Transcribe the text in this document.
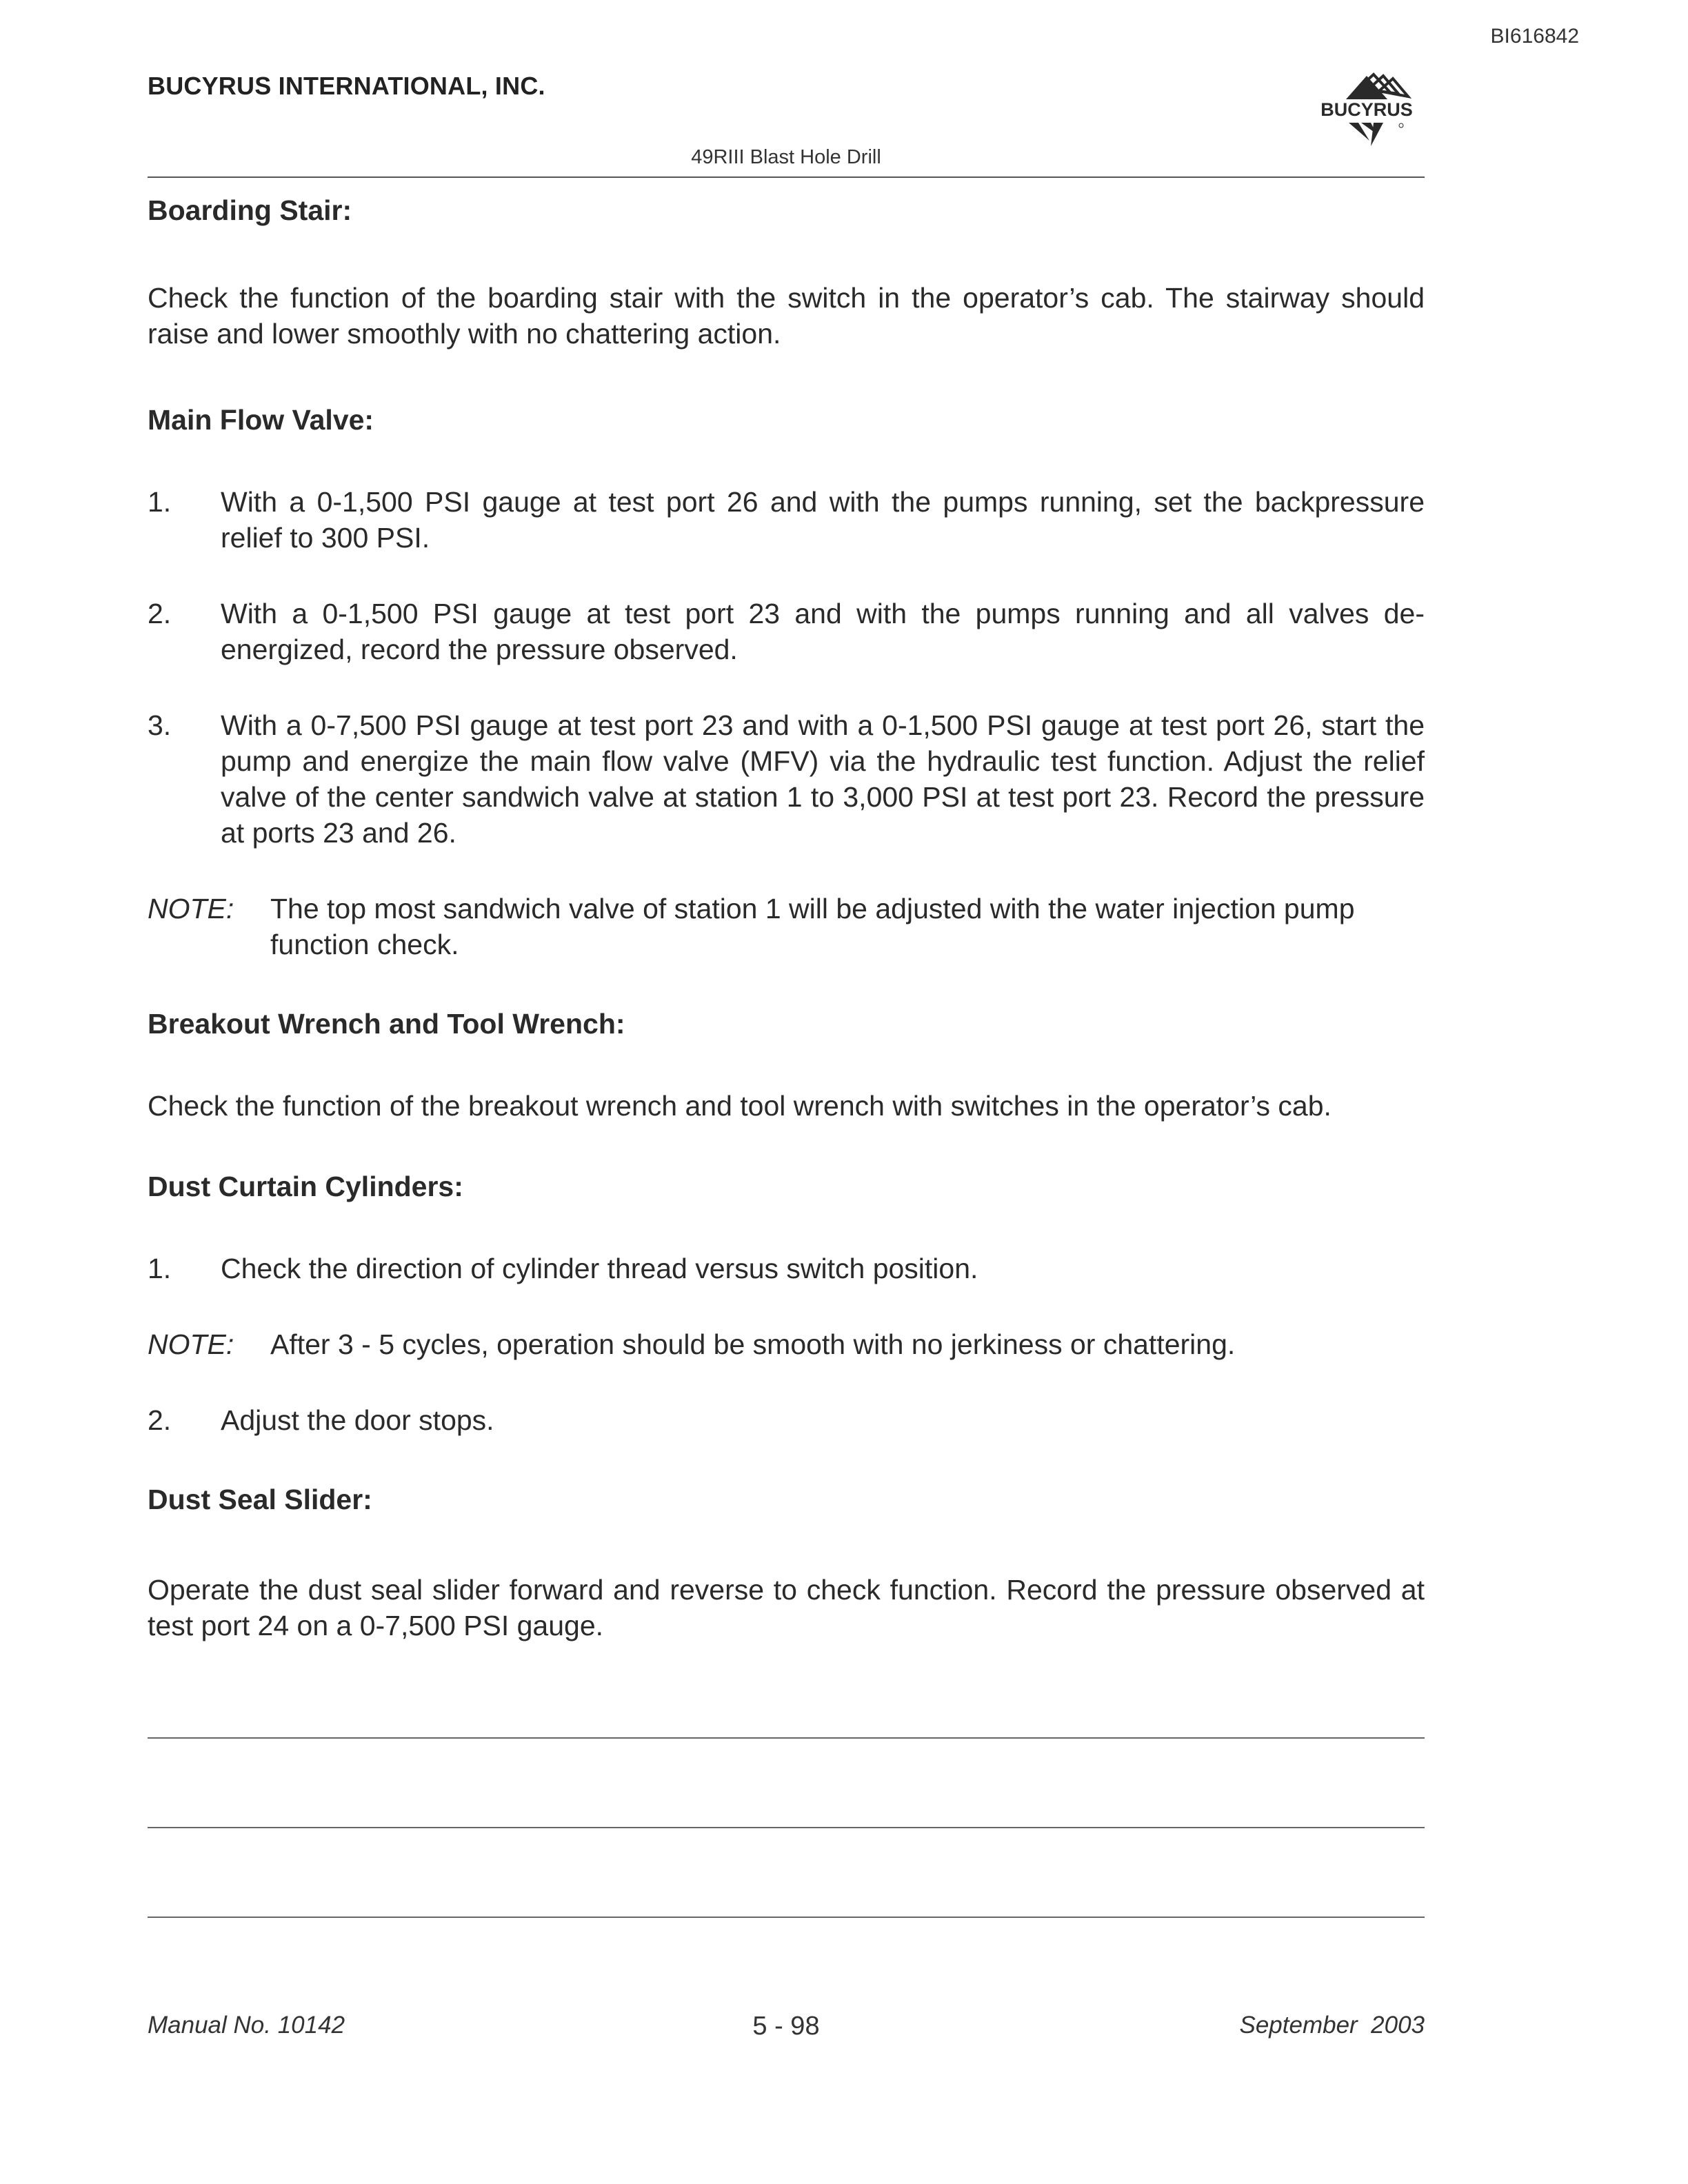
BI616842
BUCYRUS INTERNATIONAL, INC.
BUCYRUS
49RIII Blast Hole Drill
Boarding Stair:
Check the function of the boarding stair with the switch in the operator’s cab. The stairway should raise and lower smoothly with no chattering action.
Main Flow Valve:
1. With a 0-1,500 PSI gauge at test port 26 and with the pumps running, set the backpressure relief to 300 PSI.
2. With a 0-1,500 PSI gauge at test port 23 and with the pumps running and all valves de-energized, record the pressure observed.
3. With a 0-7,500 PSI gauge at test port 23 and with a 0-1,500 PSI gauge at test port 26, start the pump and energize the main flow valve (MFV) via the hydraulic test function. Adjust the relief valve of the center sandwich valve at station 1 to 3,000 PSI at test port 23. Record the pressure at ports 23 and 26.
NOTE: The top most sandwich valve of station 1 will be adjusted with the water injection pump function check.
Breakout Wrench and Tool Wrench:
Check the function of the breakout wrench and tool wrench with switches in the operator’s cab.
Dust Curtain Cylinders:
1. Check the direction of cylinder thread versus switch position.
NOTE: After 3 - 5 cycles, operation should be smooth with no jerkiness or chattering.
2. Adjust the door stops.
Dust Seal Slider:
Operate the dust seal slider forward and reverse to check function. Record the pressure observed at test port 24 on a 0-7,500 PSI gauge.
Manual No. 10142	5 - 98	September  2003
